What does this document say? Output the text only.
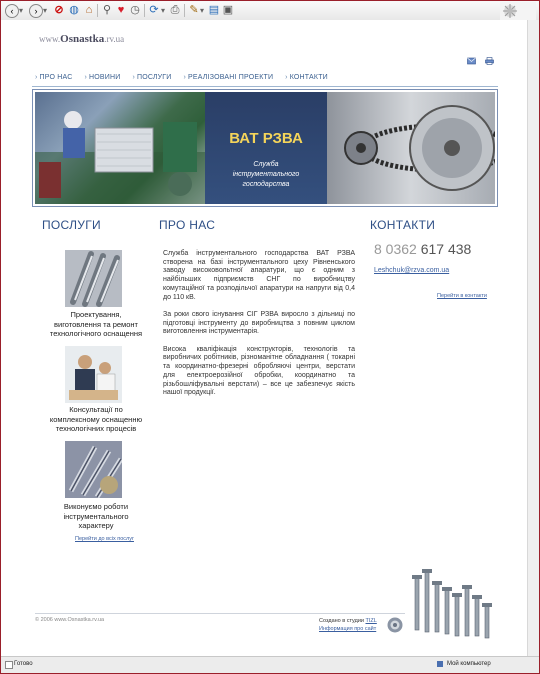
‹ ▾	› ▾ ⊘ ◍ ⌂ ⚲ ♥ ◷ ⟳ ▾ ⎙ ✎ ▾ ▤ ▣
www.Osnastka.rv.ua
› ПРО НАС › НОВИНИ › ПОСЛУГИ › РЕАЛІЗОВАНІ ПРОЕКТИ › КОНТАКТИ
ВАТ РЗВА
Служба
інструментального
господарства
ПОСЛУГИ
Проектування,
виготовлення та ремонт
технологічного оснащення
Консультації по
комплексному оснащенню
технологічних процесів
Виконуємо роботи
інструментального
характеру
Перейти до всіх послуг
ПРО НАС

Служба інструментального господарства ВАТ РЗВА створена на базі інструментального цеху Рівненського заводу високовольтної апаратури, що є одним з найбільших підприємств СНГ по виробництву комутаційної та розподільчої апаратури на напруги від 0,4 до 110 кВ.

За роки свого існування СІГ РЗВА виросло з дільниці по підготовці інструменту до виробництва з повним циклом виготовлення інструментарія.

Висока кваліфікація конструкторів, технологів та виробничих робітників, різноманітне обладнання ( токарні та координатно-фрезерні обробляючі центри, верстати для електроерозійної обробки, координатно та різьбошліфувальні верстати) – все це забезпечує якість нашої продукції.

КОНТАКТИ
8 0362 617 438
Leshchuk@rzva.com.ua
Перейти в контакти
© 2006 www.Osnastka.rv.ua	Создано в студии TIZL
Информация про сайт
Готово	Мой компьютер
